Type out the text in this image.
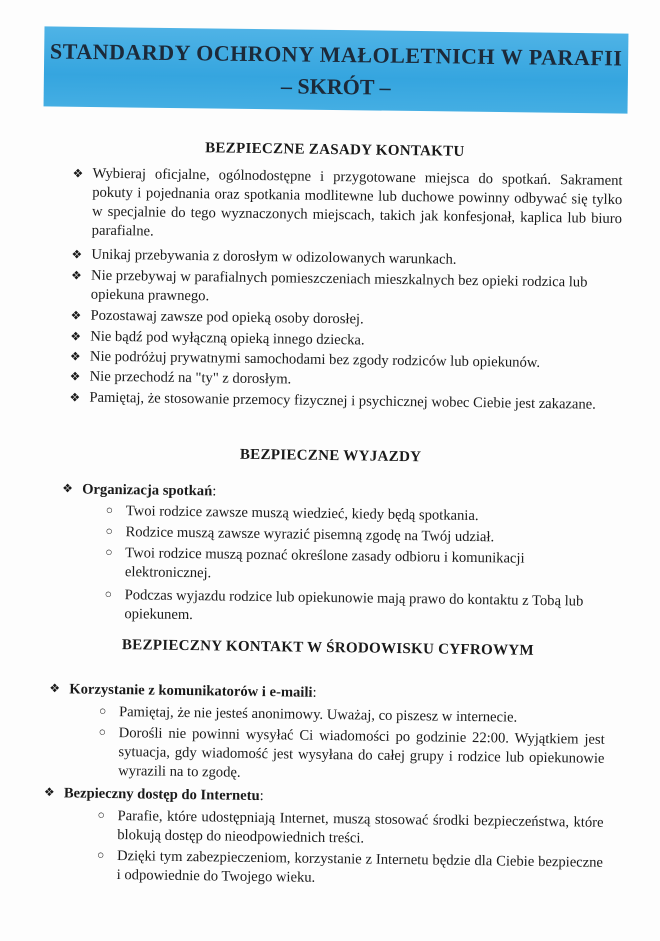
STANDARDY OCHRONY MAŁOLETNICH W PARAFII
– SKRÓT –
BEZPIECZNE ZASADY KONTAKTU
❖ Wybieraj oficjalne, ogólnodostępne i przygotowane miejsca do spotkań. Sakrament pokuty i pojednania oraz spotkania modlitewne lub duchowe powinny odbywać się tylko w specjalnie do tego wyznaczonych miejscach, takich jak konfesjonał, kaplica lub biuro parafialne.
❖ Unikaj przebywania z dorosłym w odizolowanych warunkach.
❖ Nie przebywaj w parafialnych pomieszczeniach mieszkalnych bez opieki rodzica lub opiekuna prawnego.
❖ Pozostawaj zawsze pod opieką osoby dorosłej.
❖ Nie bądź pod wyłączną opieką innego dziecka.
❖ Nie podróżuj prywatnymi samochodami bez zgody rodziców lub opiekunów.
❖ Nie przechodź na "ty" z dorosłym.
❖ Pamiętaj, że stosowanie przemocy fizycznej i psychicznej wobec Ciebie jest zakazane.
BEZPIECZNE WYJAZDY
❖ Organizacja spotkań:
○ Twoi rodzice zawsze muszą wiedzieć, kiedy będą spotkania.
○ Rodzice muszą zawsze wyrazić pisemną zgodę na Twój udział.
○ Twoi rodzice muszą poznać określone zasady odbioru i komunikacji elektronicznej.
○ Podczas wyjazdu rodzice lub opiekunowie mają prawo do kontaktu z Tobą lub opiekunem.
BEZPIECZNY KONTAKT W ŚRODOWISKU CYFROWYM
❖ Korzystanie z komunikatorów i e-maili:
○ Pamiętaj, że nie jesteś anonimowy. Uważaj, co piszesz w internecie.
○ Dorośli nie powinni wysyłać Ci wiadomości po godzinie 22:00. Wyjątkiem jest sytuacja, gdy wiadomość jest wysyłana do całej grupy i rodzice lub opiekunowie wyrazili na to zgodę.
❖ Bezpieczny dostęp do Internetu:
○ Parafie, które udostępniają Internet, muszą stosować środki bezpieczeństwa, które blokują dostęp do nieodpowiednich treści.
○ Dzięki tym zabezpieczeniom, korzystanie z Internetu będzie dla Ciebie bezpieczne i odpowiednie do Twojego wieku.
